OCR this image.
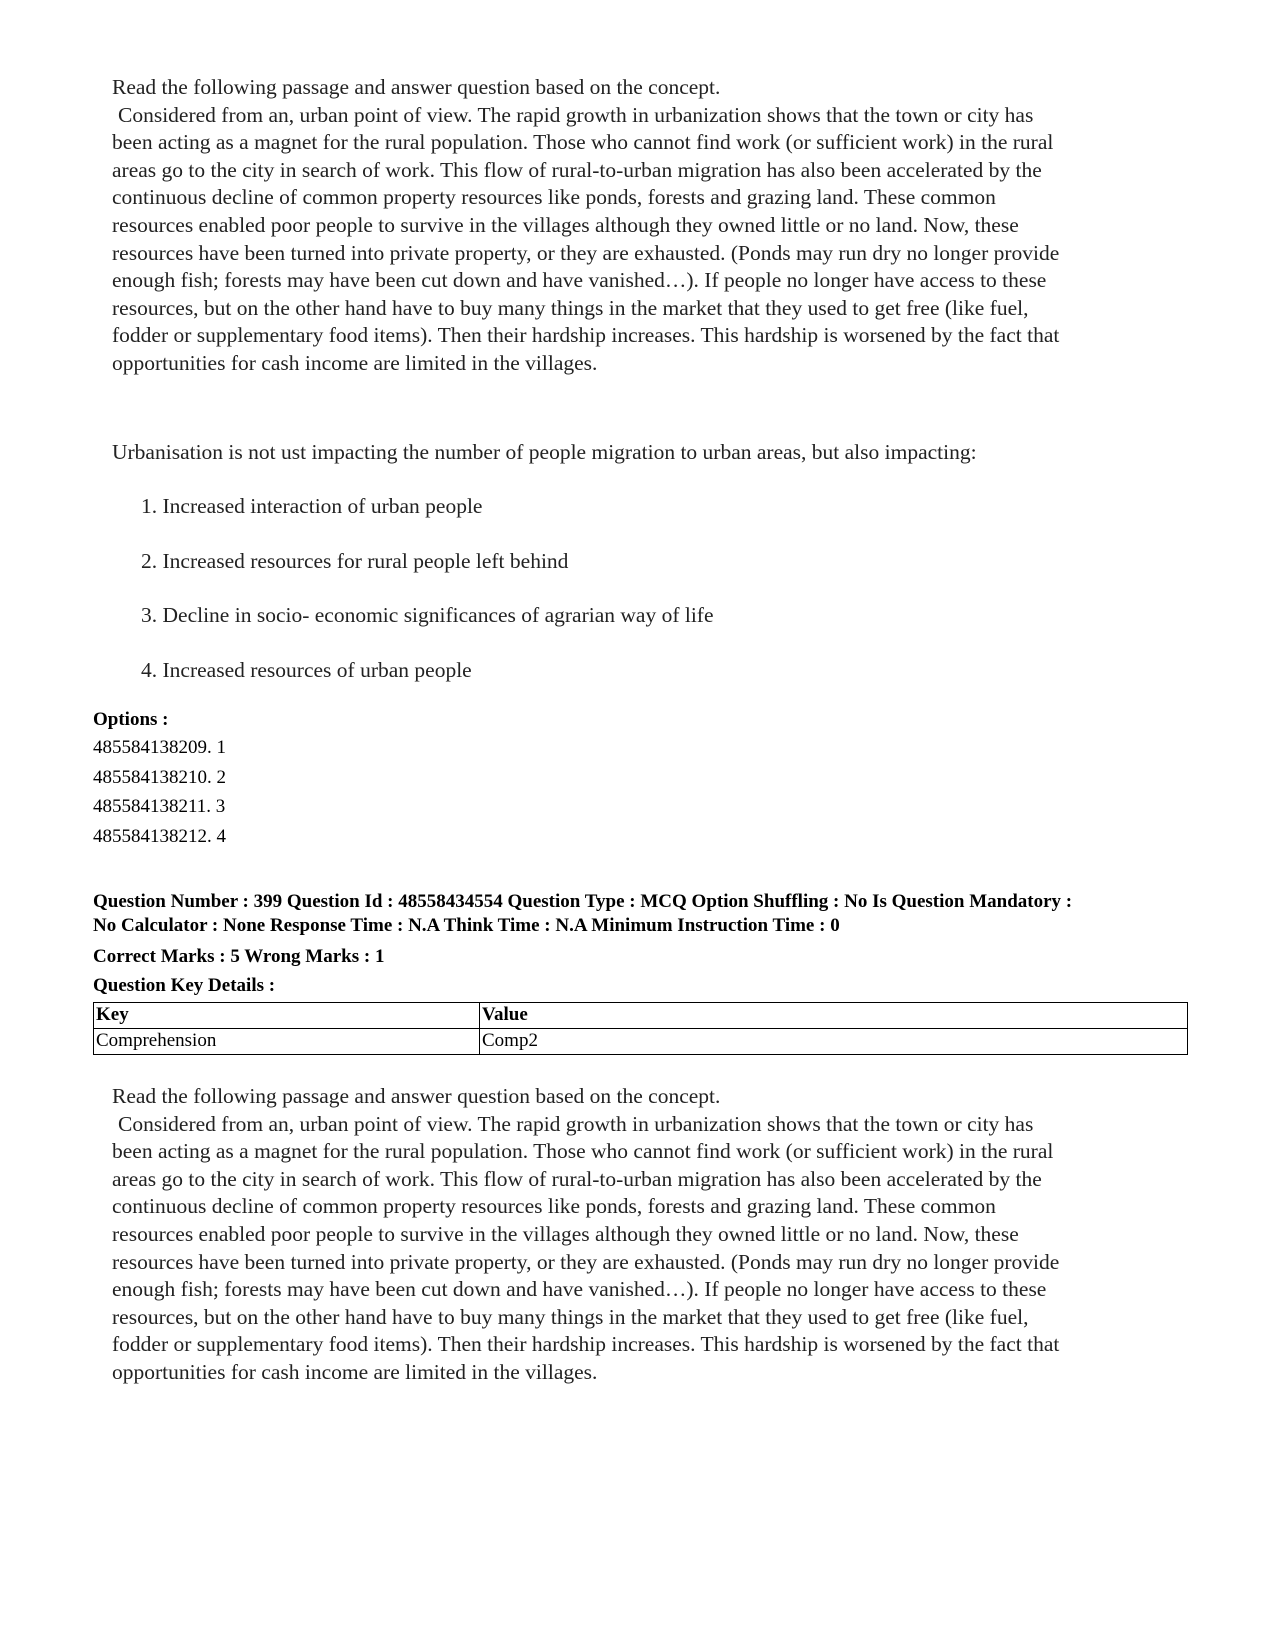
Read the following passage and answer question based on the concept.

Considered from an, urban point of view. The rapid growth in urbanization shows that the town or city has

been acting as a magnet for the rural population. Those who cannot find work (or sufficient work) in the rural

areas go to the city in search of work. This flow of rural-to-urban migration has also been accelerated by the

continuous decline of common property resources like ponds, forests and grazing land. These common

resources enabled poor people to survive in the villages although they owned little or no land. Now, these

resources have been turned into private property, or they are exhausted. (Ponds may run dry no longer provide

enough fish; forests may have been cut down and have vanished…). If people no longer have access to these

resources, but on the other hand have to buy many things in the market that they used to get free (like fuel,

fodder or supplementary food items). Then their hardship increases. This hardship is worsened by the fact that

opportunities for cash income are limited in the villages.

Urbanisation is not ust impacting the number of people migration to urban areas, but also impacting:

1. Increased interaction of urban people
2. Increased resources for rural people left behind
3. Decline in socio- economic significances of agrarian way of life
4. Increased resources of urban people
Options :
485584138209. 1
485584138210. 2
485584138211. 3
485584138212. 4
Question Number : 399 Question Id : 48558434554 Question Type : MCQ Option Shuffling : No Is Question Mandatory :
No Calculator : None Response Time : N.A Think Time : N.A Minimum Instruction Time : 0
Correct Marks : 5 Wrong Marks : 1
Question Key Details :
Key	Value
Comprehension	Comp2

Read the following passage and answer question based on the concept.

Considered from an, urban point of view. The rapid growth in urbanization shows that the town or city has

been acting as a magnet for the rural population. Those who cannot find work (or sufficient work) in the rural

areas go to the city in search of work. This flow of rural-to-urban migration has also been accelerated by the

continuous decline of common property resources like ponds, forests and grazing land. These common

resources enabled poor people to survive in the villages although they owned little or no land. Now, these

resources have been turned into private property, or they are exhausted. (Ponds may run dry no longer provide

enough fish; forests may have been cut down and have vanished…). If people no longer have access to these

resources, but on the other hand have to buy many things in the market that they used to get free (like fuel,

fodder or supplementary food items). Then their hardship increases. This hardship is worsened by the fact that

opportunities for cash income are limited in the villages.
